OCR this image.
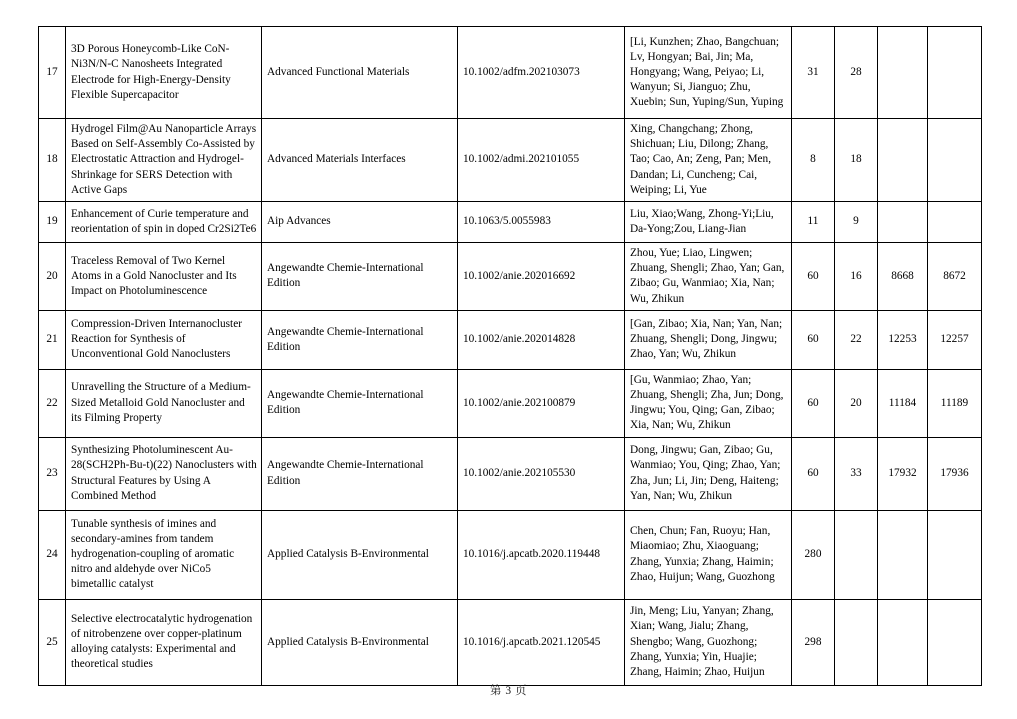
17	3D Porous Honeycomb-Like CoN-Ni3N/N-C Nanosheets Integrated Electrode for High-Energy-Density Flexible Supercapacitor	Advanced Functional Materials	10.1002/adfm.202103073	[Li, Kunzhen; Zhao, Bangchuan; Lv, Hongyan; Bai, Jin; Ma, Hongyang; Wang, Peiyao; Li, Wanyun; Si, Jianguo; Zhu, Xuebin; Sun, Yuping/Sun, Yuping	31	28		

18	Hydrogel Film@Au Nanoparticle Arrays Based on Self-Assembly Co-Assisted by Electrostatic Attraction and Hydrogel-Shrinkage for SERS Detection with Active Gaps	Advanced Materials Interfaces	10.1002/admi.202101055	Xing, Changchang; Zhong, Shichuan; Liu, Dilong; Zhang, Tao; Cao, An; Zeng, Pan; Men, Dandan; Li, Cuncheng; Cai, Weiping; Li, Yue	8	18		

19	Enhancement of Curie temperature and reorientation of spin in doped Cr2Si2Te6	Aip Advances	10.1063/5.0055983	Liu, Xiao;Wang, Zhong-Yi;Liu, Da-Yong;Zou, Liang-Jian	11	9		

20	Traceless Removal of Two Kernel Atoms in a Gold Nanocluster and Its Impact on Photoluminescence	Angewandte Chemie-International Edition	10.1002/anie.202016692	Zhou, Yue; Liao, Lingwen; Zhuang, Shengli; Zhao, Yan; Gan, Zibao; Gu, Wanmiao; Xia, Nan; Wu, Zhikun	60	16	8668	8672

21	Compression-Driven Internanocluster Reaction for Synthesis of Unconventional Gold Nanoclusters	Angewandte Chemie-International Edition	10.1002/anie.202014828	[Gan, Zibao; Xia, Nan; Yan, Nan; Zhuang, Shengli; Dong, Jingwu; Zhao, Yan; Wu, Zhikun	60	22	12253	12257

22	Unravelling the Structure of a Medium-Sized Metalloid Gold Nanocluster and its Filming Property	Angewandte Chemie-International Edition	10.1002/anie.202100879	[Gu, Wanmiao; Zhao, Yan; Zhuang, Shengli; Zha, Jun; Dong, Jingwu; You, Qing; Gan, Zibao; Xia, Nan; Wu, Zhikun	60	20	11184	11189

23	Synthesizing Photoluminescent Au-28(SCH2Ph-Bu-t)(22) Nanoclusters with Structural Features by Using A Combined Method	Angewandte Chemie-International Edition	10.1002/anie.202105530	Dong, Jingwu; Gan, Zibao; Gu, Wanmiao; You, Qing; Zhao, Yan; Zha, Jun; Li, Jin; Deng, Haiteng; Yan, Nan; Wu, Zhikun	60	33	17932	17936

24	Tunable synthesis of imines and secondary-amines from tandem hydrogenation-coupling of aromatic nitro and aldehyde over NiCo5 bimetallic catalyst	Applied Catalysis B-Environmental	10.1016/j.apcatb.2020.119448	Chen, Chun; Fan, Ruoyu; Han, Miaomiao; Zhu, Xiaoguang; Zhang, Yunxia; Zhang, Haimin; Zhao, Huijun; Wang, Guozhong	280			

25	Selective electrocatalytic hydrogenation of nitrobenzene over copper-platinum alloying catalysts: Experimental and theoretical studies	Applied Catalysis B-Environmental	10.1016/j.apcatb.2021.120545	Jin, Meng; Liu, Yanyan; Zhang, Xian; Wang, Jialu; Zhang, Shengbo; Wang, Guozhong; Zhang, Yunxia; Yin, Huajie; Zhang, Haimin; Zhao, Huijun	298			

第 3 页
